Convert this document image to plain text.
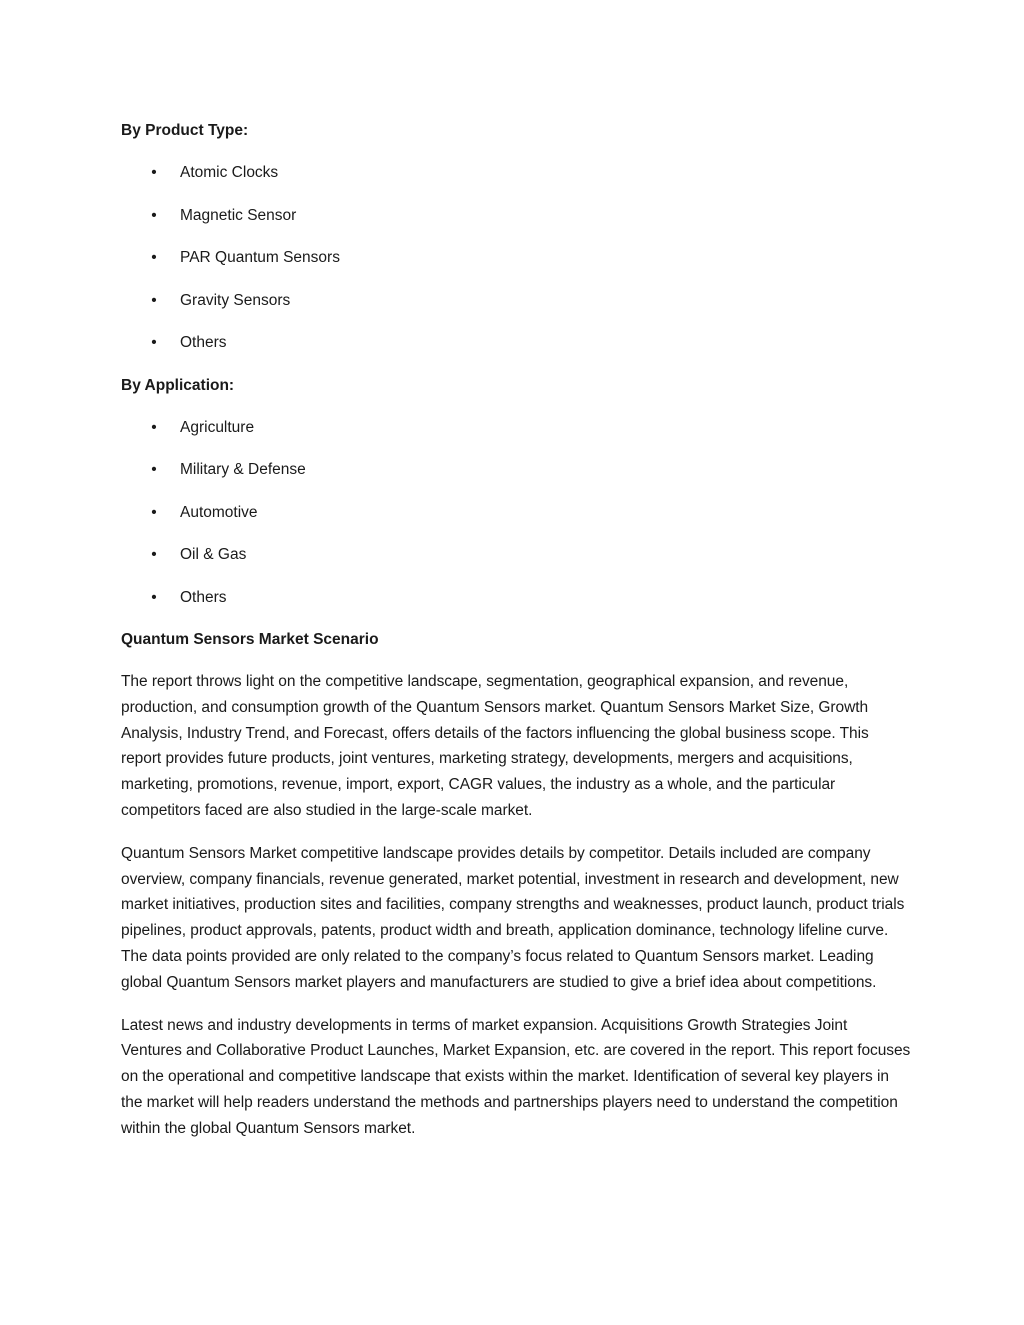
By Product Type:
• Atomic Clocks
• Magnetic Sensor
• PAR Quantum Sensors
• Gravity Sensors
• Others
By Application:
• Agriculture
• Military & Defense
• Automotive
• Oil & Gas
• Others
Quantum Sensors Market Scenario

The report throws light on the competitive landscape, segmentation, geographical expansion, and revenue, production, and consumption growth of the Quantum Sensors market. Quantum Sensors Market Size, Growth Analysis, Industry Trend, and Forecast, offers details of the factors influencing the global business scope. This report provides future products, joint ventures, marketing strategy, developments, mergers and acquisitions, marketing, promotions, revenue, import, export, CAGR values, the industry as a whole, and the particular competitors faced are also studied in the large-scale market.

Quantum Sensors Market competitive landscape provides details by competitor. Details included are company overview, company financials, revenue generated, market potential, investment in research and development, new market initiatives, production sites and facilities, company strengths and weaknesses, product launch, product trials pipelines, product approvals, patents, product width and breath, application dominance, technology lifeline curve. The data points provided are only related to the company’s focus related to Quantum Sensors market. Leading global Quantum Sensors market players and manufacturers are studied to give a brief idea about competitions.

Latest news and industry developments in terms of market expansion. Acquisitions Growth Strategies Joint Ventures and Collaborative Product Launches, Market Expansion, etc. are covered in the report. This report focuses on the operational and competitive landscape that exists within the market. Identification of several key players in the market will help readers understand the methods and partnerships players need to understand the competition within the global Quantum Sensors market.
